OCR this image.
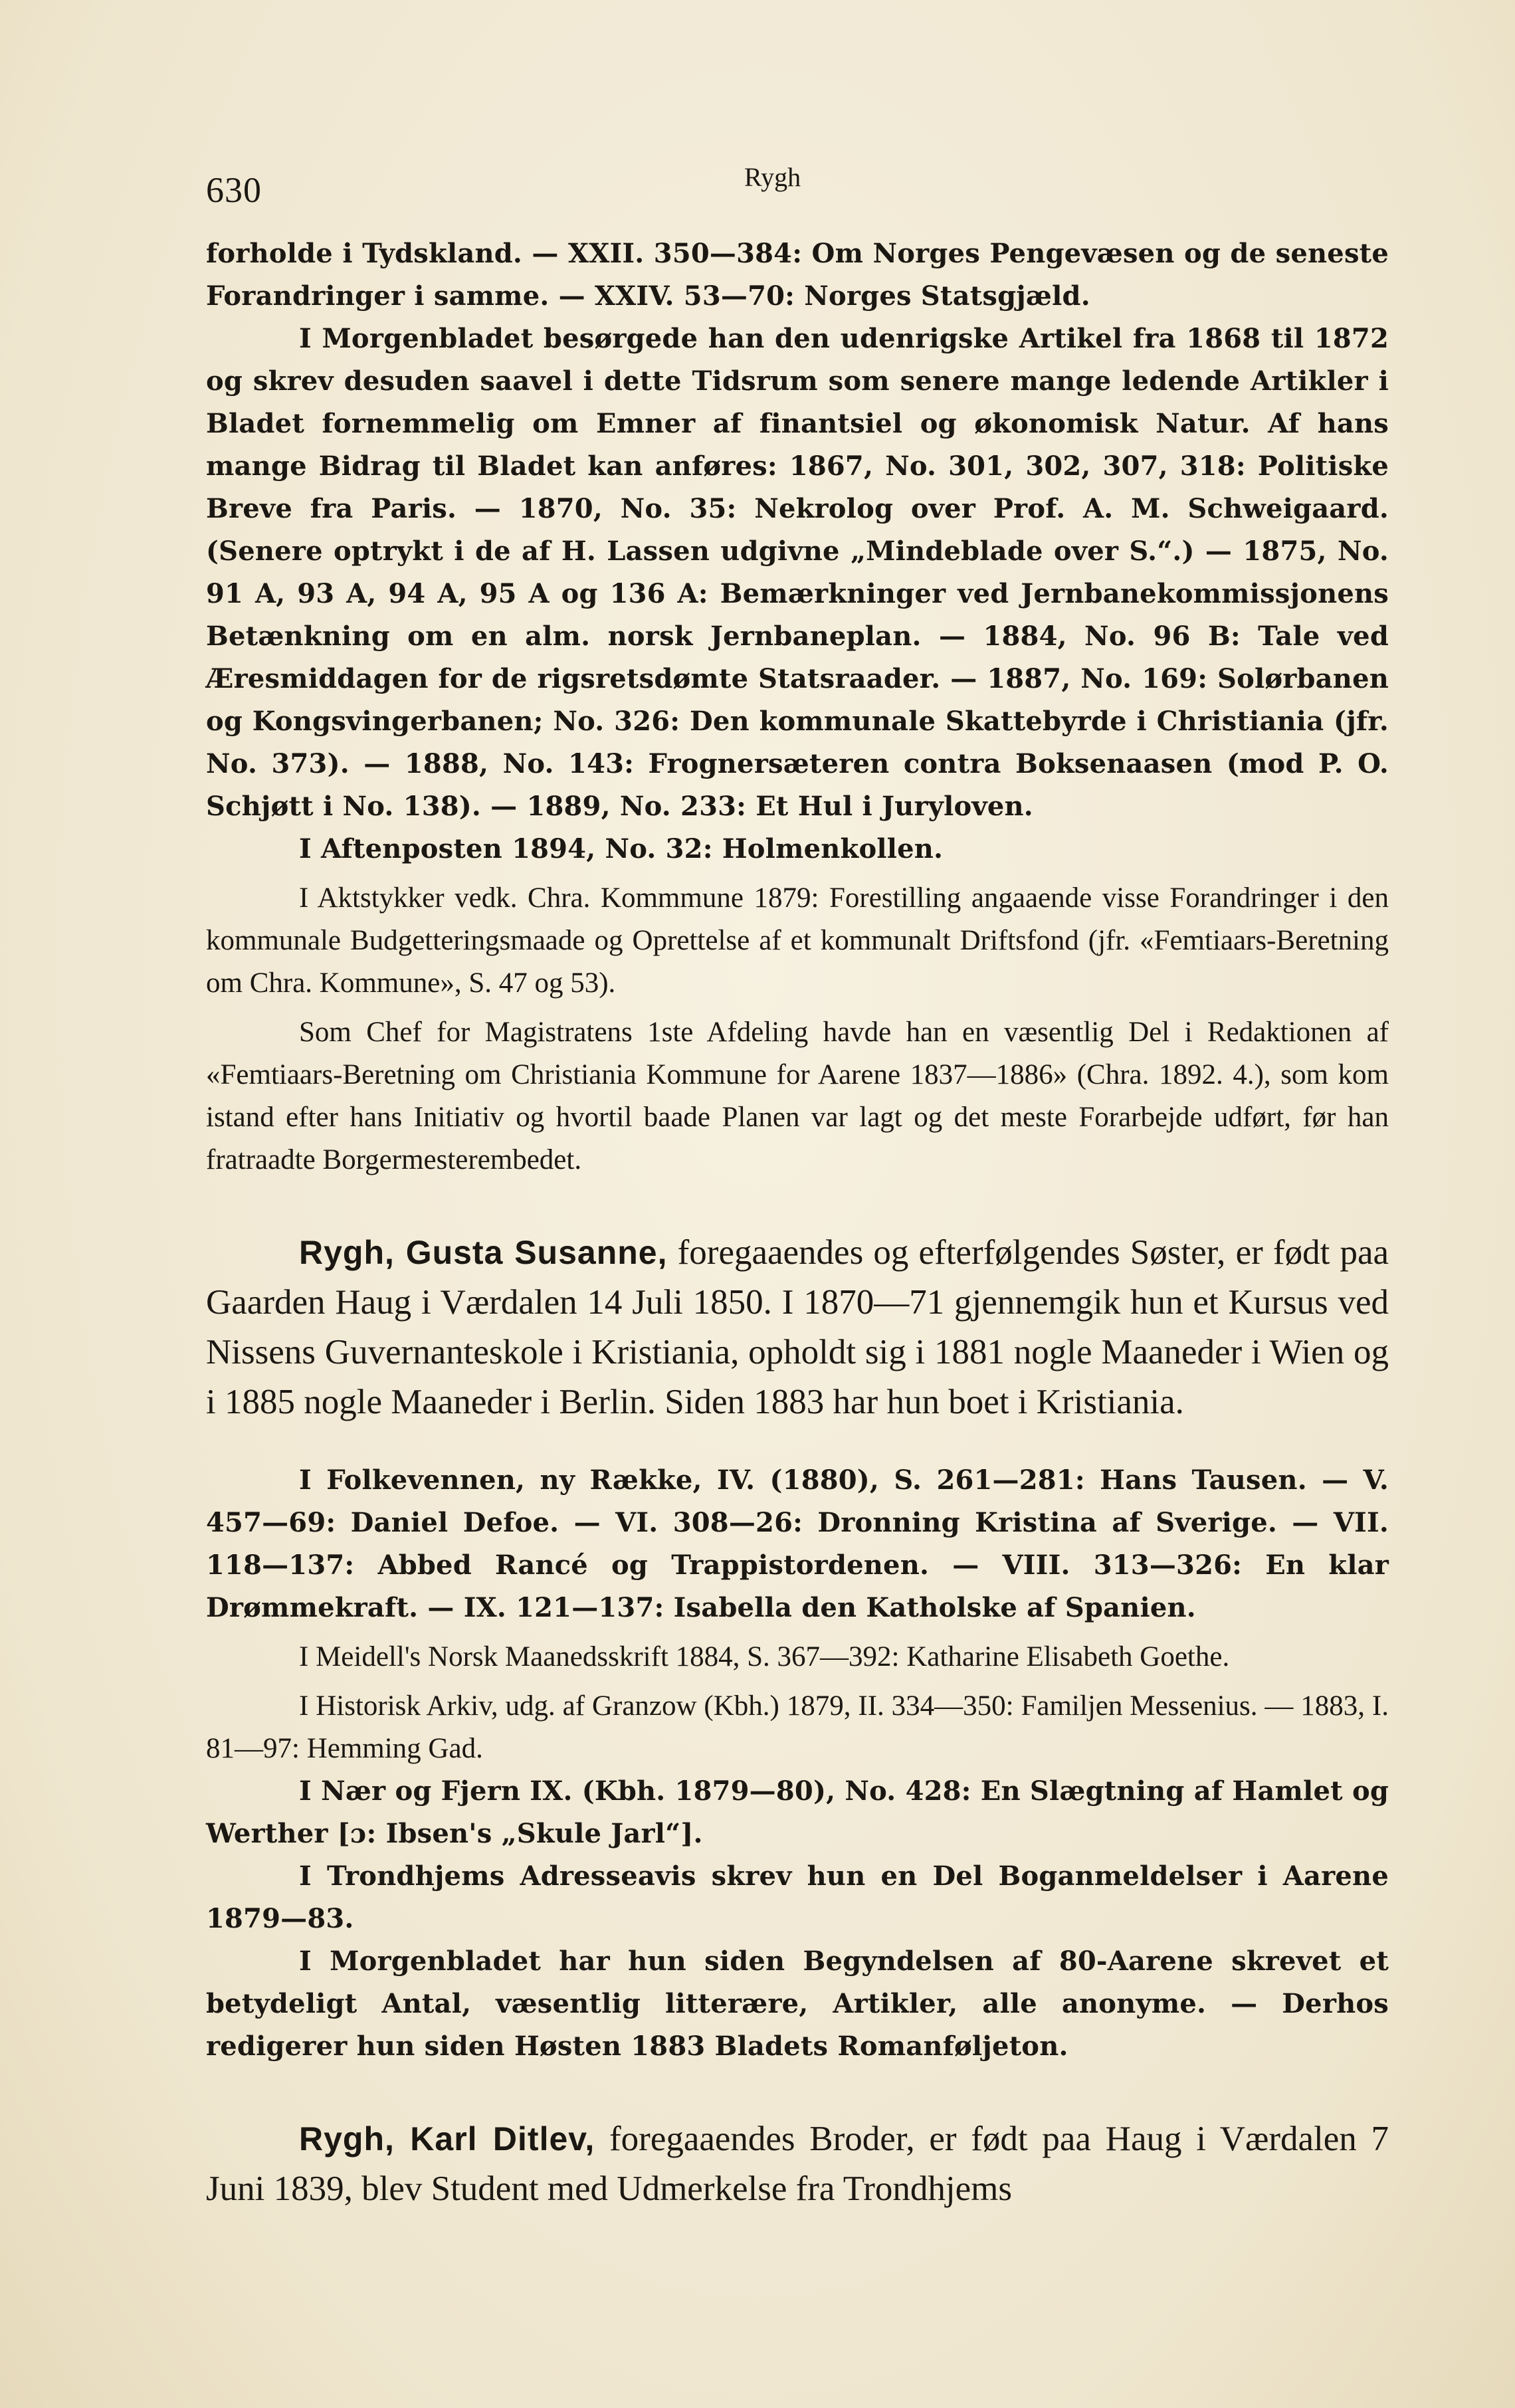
630	Rygh

forholde i Tydskland. — XXII. 350—384: Om Norges Pengevæsen og de seneste Forandringer i samme. — XXIV. 53—70: Norges Statsgjæld.

I Morgenbladet besørgede han den udenrigske Artikel fra 1868 til 1872 og skrev desuden saavel i dette Tidsrum som senere mange ledende Artikler i Bladet fornemmelig om Emner af finantsiel og økonomisk Natur. Af hans mange Bidrag til Bladet kan anføres: 1867, No. 301, 302, 307, 318: Politiske Breve fra Paris. — 1870, No. 35: Nekrolog over Prof. A. M. Schweigaard. (Senere optrykt i de af H. Lassen udgivne „Mindeblade over S.“.) — 1875, No. 91 A, 93 A, 94 A, 95 A og 136 A: Bemærkninger ved Jernbanekommissjonens Betænkning om en alm. norsk Jernbaneplan. — 1884, No. 96 B: Tale ved Æresmiddagen for de rigsretsdømte Statsraader. — 1887, No. 169: Solørbanen og Kongsvingerbanen; No. 326: Den kommunale Skattebyrde i Christiania (jfr. No. 373). — 1888, No. 143: Frognersæteren contra Boksenaasen (mod P. O. Schjøtt i No. 138). — 1889, No. 233: Et Hul i Juryloven.

I Aftenposten 1894, No. 32: Holmenkollen.

I Aktstykker vedk. Chra. Kommmune 1879: Forestilling angaaende visse Forandringer i den kommunale Budgetteringsmaade og Oprettelse af et kommunalt Driftsfond (jfr. «Femtiaars-Beretning om Chra. Kommune», S. 47 og 53).

Som Chef for Magistratens 1ste Afdeling havde han en væsentlig Del i Redaktionen af «Femtiaars-Beretning om Christiania Kommune for Aarene 1837—1886» (Chra. 1892. 4.), som kom istand efter hans Initiativ og hvortil baade Planen var lagt og det meste Forarbejde udført, før han fratraadte Borgermesterembedet.

Rygh, Gusta Susanne, foregaaendes og efterfølgendes Søster, er født paa Gaarden Haug i Værdalen 14 Juli 1850. I 1870—71 gjennemgik hun et Kursus ved Nissens Guvernanteskole i Kristiania, opholdt sig i 1881 nogle Maaneder i Wien og i 1885 nogle Maaneder i Berlin. Siden 1883 har hun boet i Kristiania.

I Folkevennen, ny Række, IV. (1880), S. 261—281: Hans Tausen. — V. 457—69: Daniel Defoe. — VI. 308—26: Dronning Kristina af Sverige. — VII. 118—137: Abbed Rancé og Trappistordenen. — VIII. 313—326: En klar Drømmekraft. — IX. 121—137: Isabella den Katholske af Spanien.

I Meidell's Norsk Maanedsskrift 1884, S. 367—392: Katharine Elisabeth Goethe.

I Historisk Arkiv, udg. af Granzow (Kbh.) 1879, II. 334—350: Familjen Messenius. — 1883, I. 81—97: Hemming Gad.

I Nær og Fjern IX. (Kbh. 1879—80), No. 428: En Slægtning af Hamlet og Werther [ɔ: Ibsen's „Skule Jarl“].

I Trondhjems Adresseavis skrev hun en Del Boganmeldelser i Aarene 1879—83.

I Morgenbladet har hun siden Begyndelsen af 80-Aarene skrevet et betydeligt Antal, væsentlig litterære, Artikler, alle anonyme. — Derhos redigerer hun siden Høsten 1883 Bladets Romanføljeton.

Rygh, Karl Ditlev, foregaaendes Broder, er født paa Haug i Værdalen 7 Juni 1839, blev Student med Udmerkelse fra Trondhjems
